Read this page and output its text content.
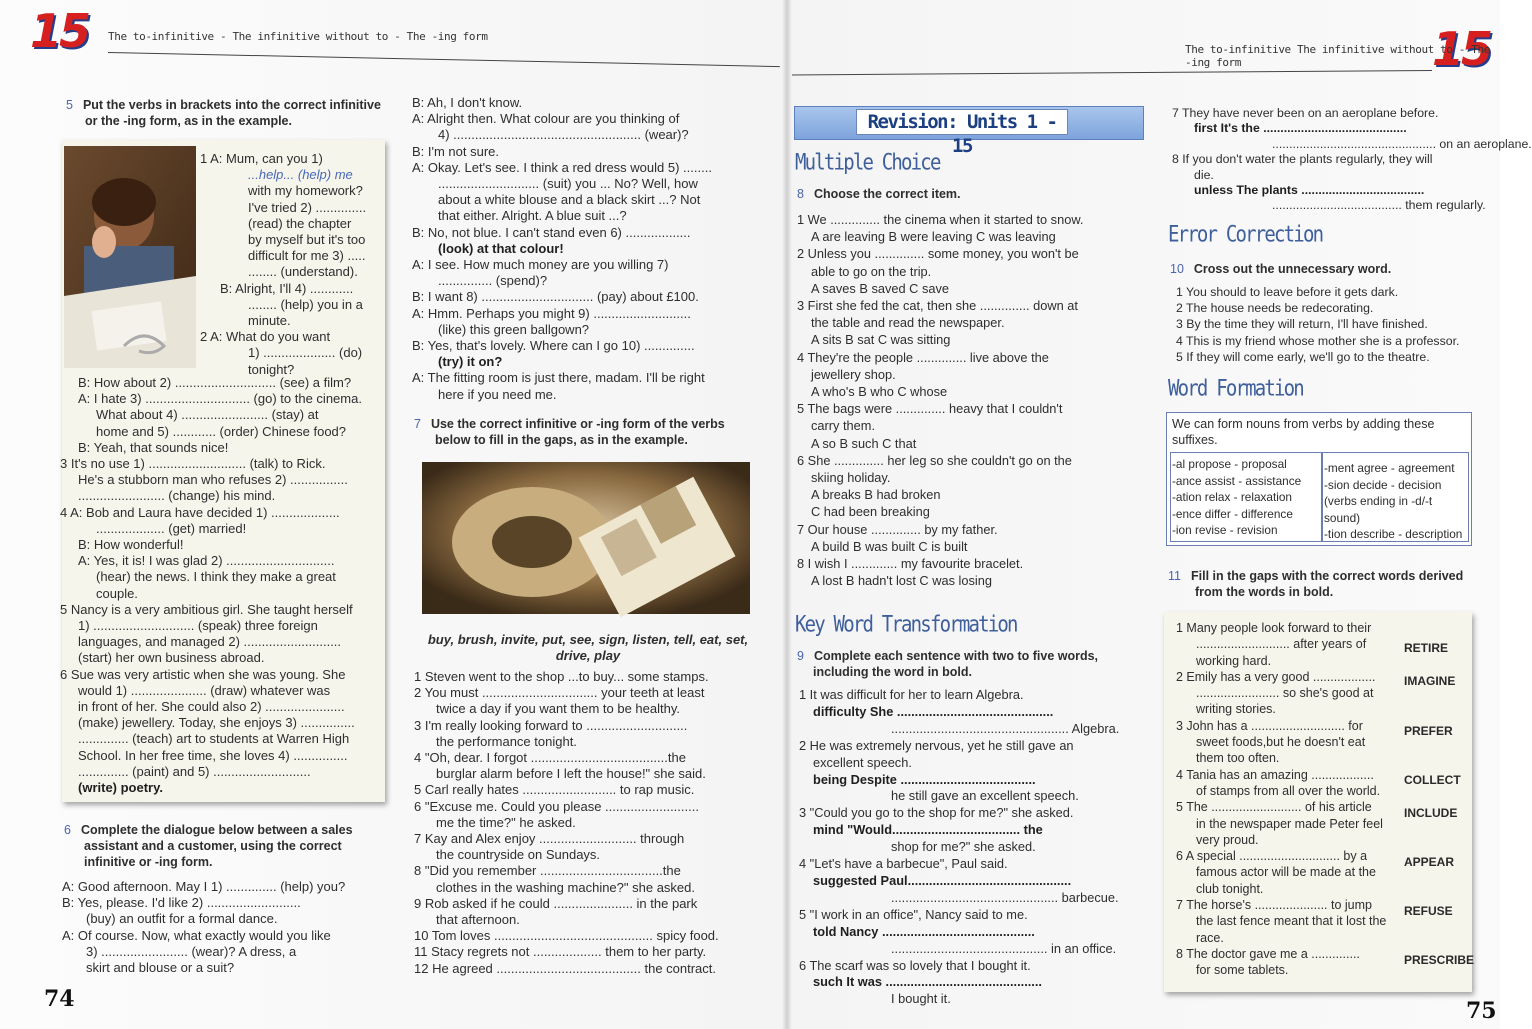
15 The to-infinitive - The infinitive without to - The -ing form
74
5 Put the verbs in brackets into the correct infinitive
or the -ing form, as in the example.
1 A: Mum, can you 1)
...help... (help) me
with my homework?
I've tried 2) ..............
(read) the chapter
by myself but it's too
difficult for me 3) .....
........ (understand).
B: Alright, I'll 4) ............
........ (help) you in a
minute.
2 A: What do you want
1) .................... (do)
tonight?
B: How about 2) ............................ (see) a film?
A: I hate 3) ............................. (go) to the cinema.
What about 4) ........................ (stay) at
home and 5) ............ (order) Chinese food?
B: Yeah, that sounds nice!
3 It's no use 1) ........................... (talk) to Rick.
He's a stubborn man who refuses 2) ................
........................ (change) his mind.
4 A: Bob and Laura have decided 1) ...................
................... (get) married!
B: How wonderful!
A: Yes, it is! I was glad 2) ..............................
(hear) the news. I think they make a great
couple.
5 Nancy is a very ambitious girl. She taught herself
1) ............................ (speak) three foreign
languages, and managed 2) ...........................
(start) her own business abroad.
6 Sue was very artistic when she was young. She
would 1) ..................... (draw) whatever was
in front of her. She could also 2) ......................
(make) jewellery. Today, she enjoys 3) ...............
.............. (teach) art to students at Warren High
School. In her free time, she loves 4) ...............
.............. (paint) and 5) ...........................
(write) poetry.
6 Complete the dialogue below between a sales
assistant and a customer, using the correct
infinitive or -ing form.
A: Good afternoon. May I 1) .............. (help) you?
B: Yes, please. I'd like 2) ..........................
(buy) an outfit for a formal dance.
A: Of course. Now, what exactly would you like
3) ........................ (wear)? A dress, a
skirt and blouse or a suit?
B: Ah, I don't know.
A: Alright then. What colour are you thinking of
4) .................................................... (wear)?
B: I'm not sure.
A: Okay. Let's see. I think a red dress would 5) ........
............................ (suit) you ... No? Well, how
about a white blouse and a black skirt ...? Not
that either. Alright. A blue suit ...?
B: No, not blue. I can't stand even 6) ..................
(look) at that colour!
A: I see. How much money are you willing 7)
............... (spend)?
B: I want 8) ............................... (pay) about £100.
A: Hmm. Perhaps you might 9) ...........................
(like) this green ballgown?
B: Yes, that's lovely. Where can I go 10) ..............
(try) it on?
A: The fitting room is just there, madam. I'll be right
here if you need me.
7 Use the correct infinitive or -ing form of the verbs
below to fill in the gaps, as in the example.
buy, brush, invite, put, see, sign, listen, tell, eat, set,
drive, play
1 Steven went to the shop ...to buy... some stamps.
2 You must ................................ your teeth at least
twice a day if you want them to be healthy.
3 I'm really looking forward to ............................
the performance tonight.
4 "Oh, dear. I forgot ......................................the
burglar alarm before I left the house!" she said.
5 Carl really hates .......................... to rap music.
6 "Excuse me. Could you please ..........................
me the time?" he asked.
7 Kay and Alex enjoy ........................... through
the countryside on Sundays.
8 "Did you remember ..................................the
clothes in the washing machine?" she asked.
9 Rob asked if he could ...................... in the park
that afternoon.
10 Tom loves ............................................ spicy food.
11 Stacy regrets not ................... them to her party.
12 He agreed ........................................ the contract.
15
The to-infinitive The infinitive without to - The -ing form
75
Revision: Units 1 - 15
Multiple Choice
8 Choose the correct item.
1 We .............. the cinema when it started to snow.
A are leaving B were leaving C was leaving
2 Unless you .............. some money, you won't be
able to go on the trip.
A saves B saved C save
3 First she fed the cat, then she .............. down at
the table and read the newspaper.
A sits B sat C was sitting
4 They're the people .............. live above the
jewellery shop.
A who's B who C whose
5 The bags were .............. heavy that I couldn't
carry them.
A so B such C that
6 She .............. her leg so she couldn't go on the
skiing holiday.
A breaks B had broken
C had been breaking
7 Our house .............. by my father.
A build B was built C is built
8 I wish I ............. my favourite bracelet.
A lost B hadn't lost C was losing
Key Word Transformation
9 Complete each sentence with two to five words,
including the word in bold.
1 It was difficult for her to learn Algebra.
difficulty She ............................................
.................................................. Algebra.
2 He was extremely nervous, yet he still gave an
excellent speech.
being Despite ......................................
he still gave an excellent speech.
3 "Could you go to the shop for me?" she asked.
mind "Would.................................... the
shop for me?" she asked.
4 "Let's have a barbecue", Paul said.
suggested Paul..............................................
............................................... barbecue.
5 "I work in an office", Nancy said to me.
told Nancy ...........................................
............................................ in an office.
6 The scarf was so lovely that I bought it.
such It was ............................................
I bought it.
7 They have never been on an aeroplane before.
first It's the ..........................................
................................................ on an aeroplane.
8 If you don't water the plants regularly, they will
die.
unless The plants ....................................
...................................... them regularly.
Error Correction
10 Cross out the unnecessary word.
1 You should to leave before it gets dark.
2 The house needs be redecorating.
3 By the time they will return, I'll have finished.
4 This is my friend whose mother she is a professor.
5 If they will come early, we'll go to the theatre.
Word Formation
We can form nouns from verbs by adding these
suffixes.
-al propose - proposal
-ance assist - assistance
-ation relax - relaxation
-ence differ - difference
-ion revise - revision
-ment agree - agreement
-sion decide - decision
(verbs ending in -d/-t
sound)
-tion describe - description
11 Fill in the gaps with the correct words derived
from the words in bold.
1 Many people look forward to their
........................... after years of
working hard.
2 Emily has a very good ..................
........................ so she's good at
writing stories.
3 John has a ........................... for
sweet foods,but he doesn't eat
them too often.
4 Tania has an amazing ..................
of stamps from all over the world.
5 The .......................... of his article
in the newspaper made Peter feel
very proud.
6 A special ............................. by a
famous actor will be made at the
club tonight.
7 The horse's ..................... to jump
the last fence meant that it lost the
race.
8 The doctor gave me a ..............
for some tablets.
RETIRE
IMAGINE
PREFER
COLLECT
INCLUDE
APPEAR
REFUSE
PRESCRIBE
